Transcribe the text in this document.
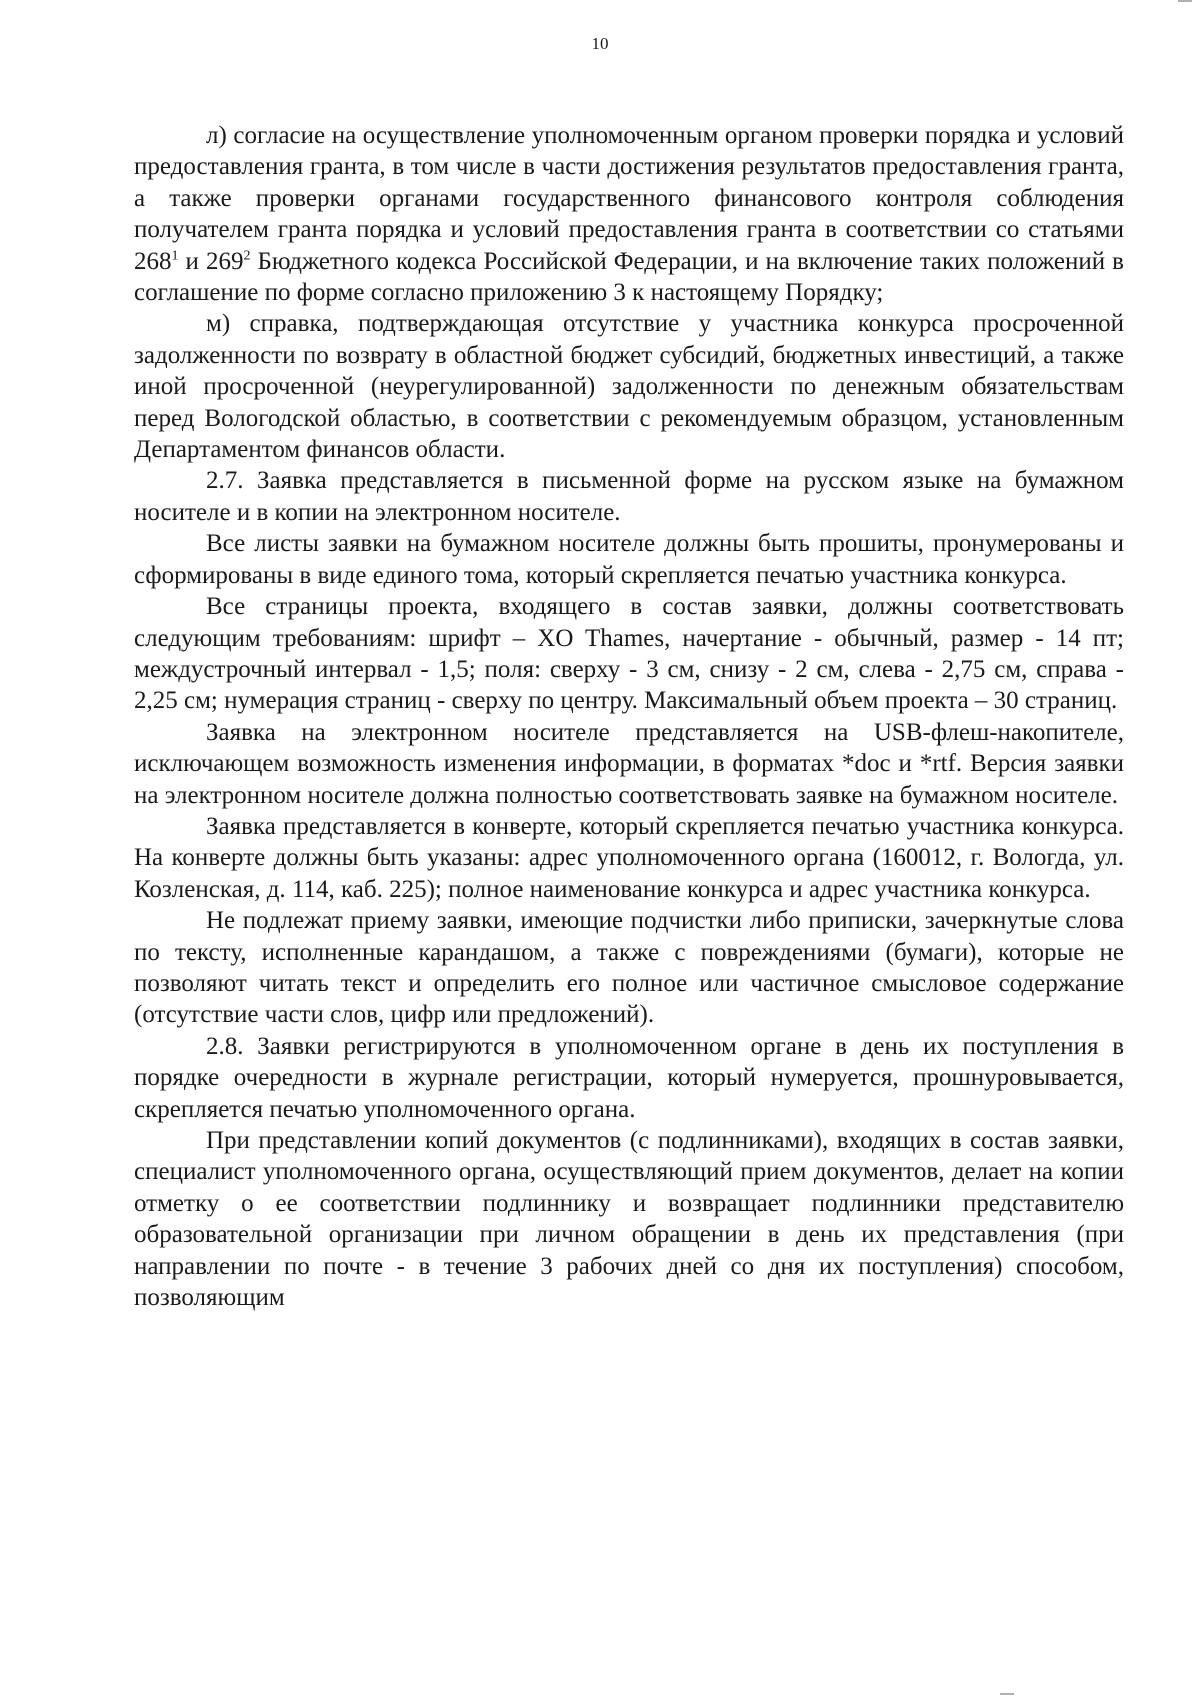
10

л) согласие на осуществление уполномоченным органом проверки порядка и условий предоставления гранта, в том числе в части достижения результатов предоставления гранта, а также проверки органами государственного финансового контроля соблюдения получателем гранта порядка и условий предоставления гранта в соответствии со статьями $268^1$ и $269^2$ Бюджетного кодекса Российской Федерации, и на включение таких положений в соглашение по форме согласно приложению 3 к настоящему Порядку;

м) справка, подтверждающая отсутствие у участника конкурса просроченной задолженности по возврату в областной бюджет субсидий, бюджетных инвестиций, а также иной просроченной (неурегулированной) задолженности по денежным обязательствам перед Вологодской областью, в соответствии с рекомендуемым образцом, установленным Департаментом финансов области.

2.7. Заявка представляется в письменной форме на русском языке на бумажном носителе и в копии на электронном носителе.

Все листы заявки на бумажном носителе должны быть прошиты, пронумерованы и сформированы в виде единого тома, который скрепляется печатью участника конкурса.

Все страницы проекта, входящего в состав заявки, должны соответствовать следующим требованиям: шрифт – XO Thames, начертание - обычный, размер - 14 пт; междустрочный интервал - 1,5; поля: сверху - 3 см, снизу - 2 см, слева - 2,75 см, справа - 2,25 см; нумерация страниц - сверху по центру. Максимальный объем проекта – 30 страниц.

Заявка на электронном носителе представляется на USB-флеш-накопителе, исключающем возможность изменения информации, в форматах *doc и *rtf. Версия заявки на электронном носителе должна полностью соответствовать заявке на бумажном носителе.

Заявка представляется в конверте, который скрепляется печатью участника конкурса. На конверте должны быть указаны: адрес уполномоченного органа (160012, г. Вологда, ул. Козленская, д. 114, каб. 225); полное наименование конкурса и адрес участника конкурса.

Не подлежат приему заявки, имеющие подчистки либо приписки, зачеркнутые слова по тексту, исполненные карандашом, а также с повреждениями (бумаги), которые не позволяют читать текст и определить его полное или частичное смысловое содержание (отсутствие части слов, цифр или предложений).

2.8. Заявки регистрируются в уполномоченном органе в день их поступления в порядке очередности в журнале регистрации, который нумеруется, прошнуровывается, скрепляется печатью уполномоченного органа.

При представлении копий документов (с подлинниками), входящих в состав заявки, специалист уполномоченного органа, осуществляющий прием документов, делает на копии отметку о ее соответствии подлиннику и возвращает подлинники представителю образовательной организации при личном обращении в день их представления (при направлении по почте - в течение 3 рабочих дней со дня их поступления) способом, позволяющим
